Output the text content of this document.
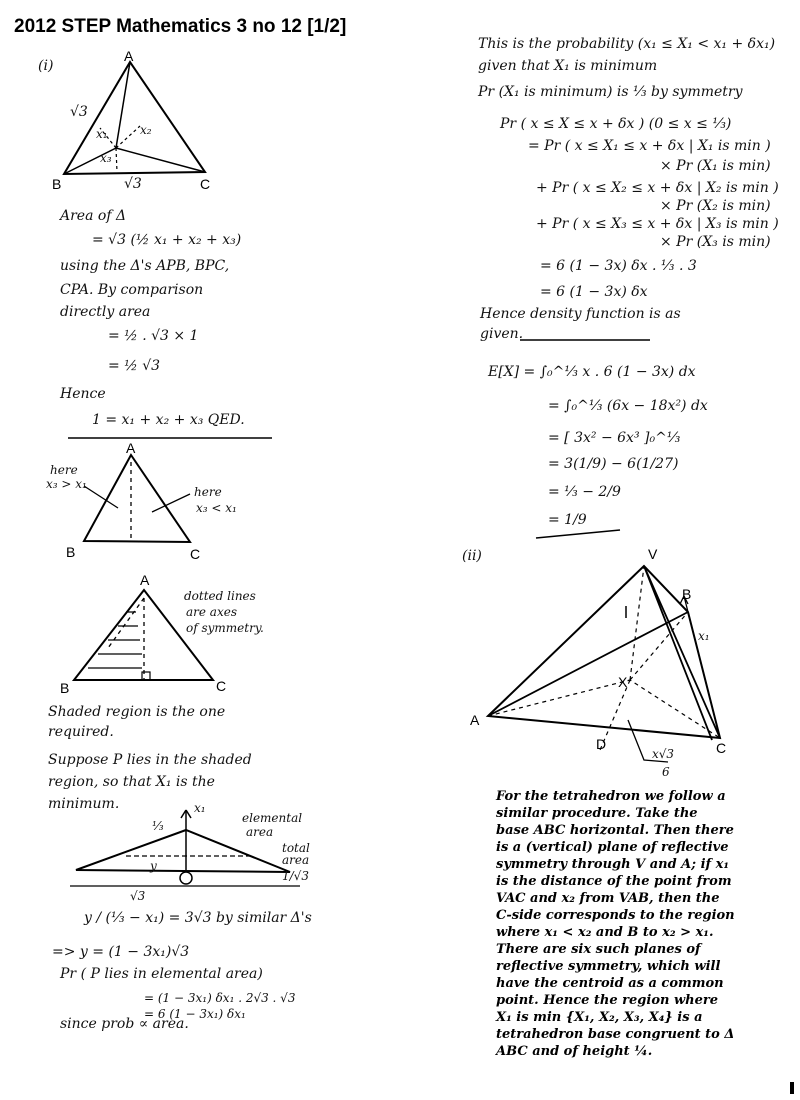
2012 STEP Mathematics 3 no 12 [1/2]
(i)
A
B	C
√3
√3
x₁	x₂
x₃
Area of Δ
= √3 (½ x₁ + x₂ + x₃)
using the Δ's APB, BPC,
CPA. By comparison
directly area
= ½ . √3 × 1
= ½ √3
Hence
1 = x₁ + x₂ + x₃ QED.
A
B	C
here
x₃ > x₁
here
x₃ < x₁
A
B	C
dotted lines
are axes
of symmetry.
Shaded region is the one
required.
Suppose P lies in the shaded
region, so that X₁ is the
minimum.
⅓
x₁
elemental
area
total
area
1/√3
y
√3
y / (⅓ − x₁) = 3√3 by similar Δ's
=> y = (1 − 3x₁)√3
Pr ( P lies in elemental area)
= (1 − 3x₁) δx₁ . 2√3 . √3
= 6 (1 − 3x₁) δx₁
since prob ∝ area.
This is the probability (x₁ ≤ X₁ < x₁ + δx₁)
given that X₁ is minimum
Pr (X₁ is minimum) is ⅓ by symmetry
Pr ( x ≤ X ≤ x + δx ) (0 ≤ x ≤ ⅓)
= Pr ( x ≤ X₁ ≤ x + δx | X₁ is min )
× Pr (X₁ is min)
+ Pr ( x ≤ X₂ ≤ x + δx | X₂ is min )
× Pr (X₂ is min)
+ Pr ( x ≤ X₃ ≤ x + δx | X₃ is min )
× Pr (X₃ is min)
= 6 (1 − 3x) δx . ⅓ . 3
= 6 (1 − 3x) δx
Hence density function is as
given.
E[X] = ∫₀^⅓ x . 6 (1 − 3x) dx
= ∫₀^⅓ (6x − 18x²) dx
= [ 3x² − 6x³ ]₀^⅓
= 3(1/9) − 6(1/27)
= ⅓ − 2/9
= 1/9
(ii)	V
B
A
C
D
X
x₁
x√3
6
For the tetrahedron we follow a
similar procedure. Take the
base ABC horizontal. Then there
is a (vertical) plane of reflective
symmetry through V and A; if x₁
is the distance of the point from
VAC and x₂ from VAB, then the
C-side corresponds to the region
where x₁ < x₂ and B to x₂ > x₁.
There are six such planes of
reflective symmetry, which will
have the centroid as a common
point. Hence the region where
X₁ is min {X₁, X₂, X₃, X₄} is a
tetrahedron base congruent to Δ
ABC and of height ¼.
